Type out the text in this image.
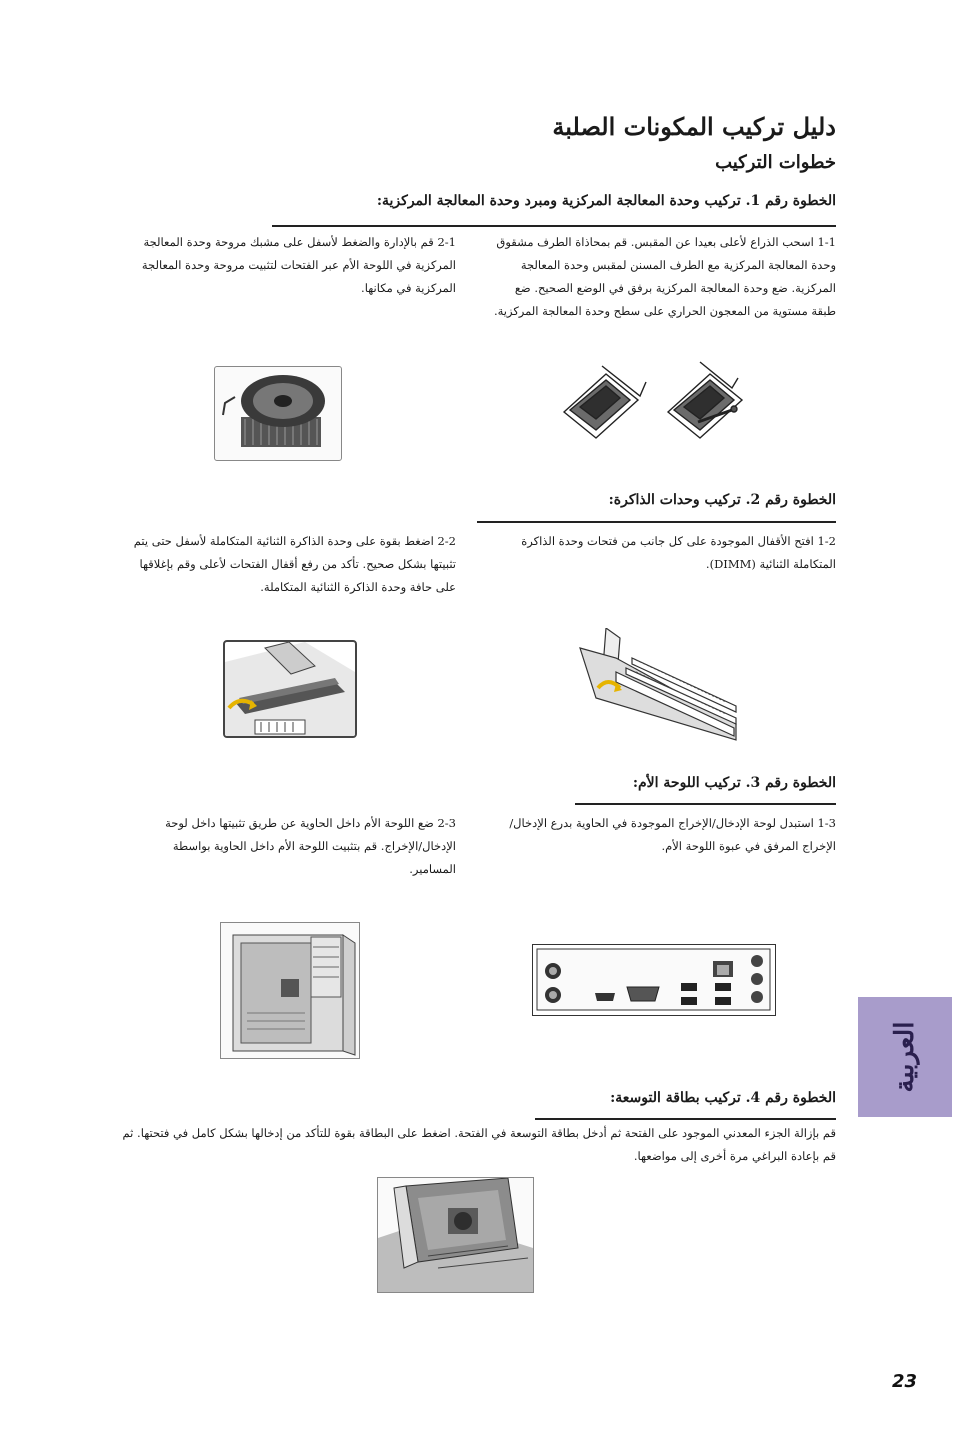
دليل تركيب المكونات الصلبة
خطوات التركيب
الخطوة رقم 1. تركيب وحدة المعالجة المركزية ومبرد وحدة المعالجة المركزية:
1-1 اسحب الذراع لأعلى بعيدا عن المقبس. قم بمحاذاة الطرف مشقوق وحدة المعالجة المركزية مع الطرف المسنن لمقبس وحدة المعالجة المركزية. ضع وحدة المعالجة المركزية برفق في الوضع الصحيح. ضع طبقة مستوية من المعجون الحراري على سطح وحدة المعالجة المركزية.
2-1 قم بالإدارة والضغط لأسفل على مشبك مروحة وحدة المعالجة المركزية في اللوحة الأم عبر الفتحات لتثبيت مروحة وحدة المعالجة المركزية في مكانها.
الخطوة رقم 2. تركيب وحدات الذاكرة:
1-2 افتح الأقفال الموجودة على كل جانب من فتحات وحدة الذاكرة المتكاملة الثنائية (DIMM).
2-2 اضغط بقوة على وحدة الذاكرة الثنائية المتكاملة لأسفل حتى يتم تثبيتها بشكل صحيح. تأكد من رفع أقفال الفتحات لأعلى وقم بإغلاقها على حافة وحدة الذاكرة الثنائية المتكاملة.
الخطوة رقم 3. تركيب اللوحة الأم:
1-3 استبدل لوحة الإدخال/الإخراج الموجودة في الحاوية بدرع الإدخال/الإخراج المرفق في عبوة اللوحة الأم.
2-3 ضع اللوحة الأم داخل الحاوية عن طريق تثبيتها داخل لوحة الإدخال/الإخراج. قم بتثبيت اللوحة الأم داخل الحاوية بواسطة المسامير.
الخطوة رقم 4. تركيب بطاقة التوسعة:
قم بإزالة الجزء المعدني الموجود على الفتحة ثم أدخل بطاقة التوسعة في الفتحة. اضغط على البطاقة بقوة للتأكد من إدخالها بشكل كامل في فتحتها. ثم قم بإعادة البراغي مرة أخرى إلى مواضعها.
العربية
23
